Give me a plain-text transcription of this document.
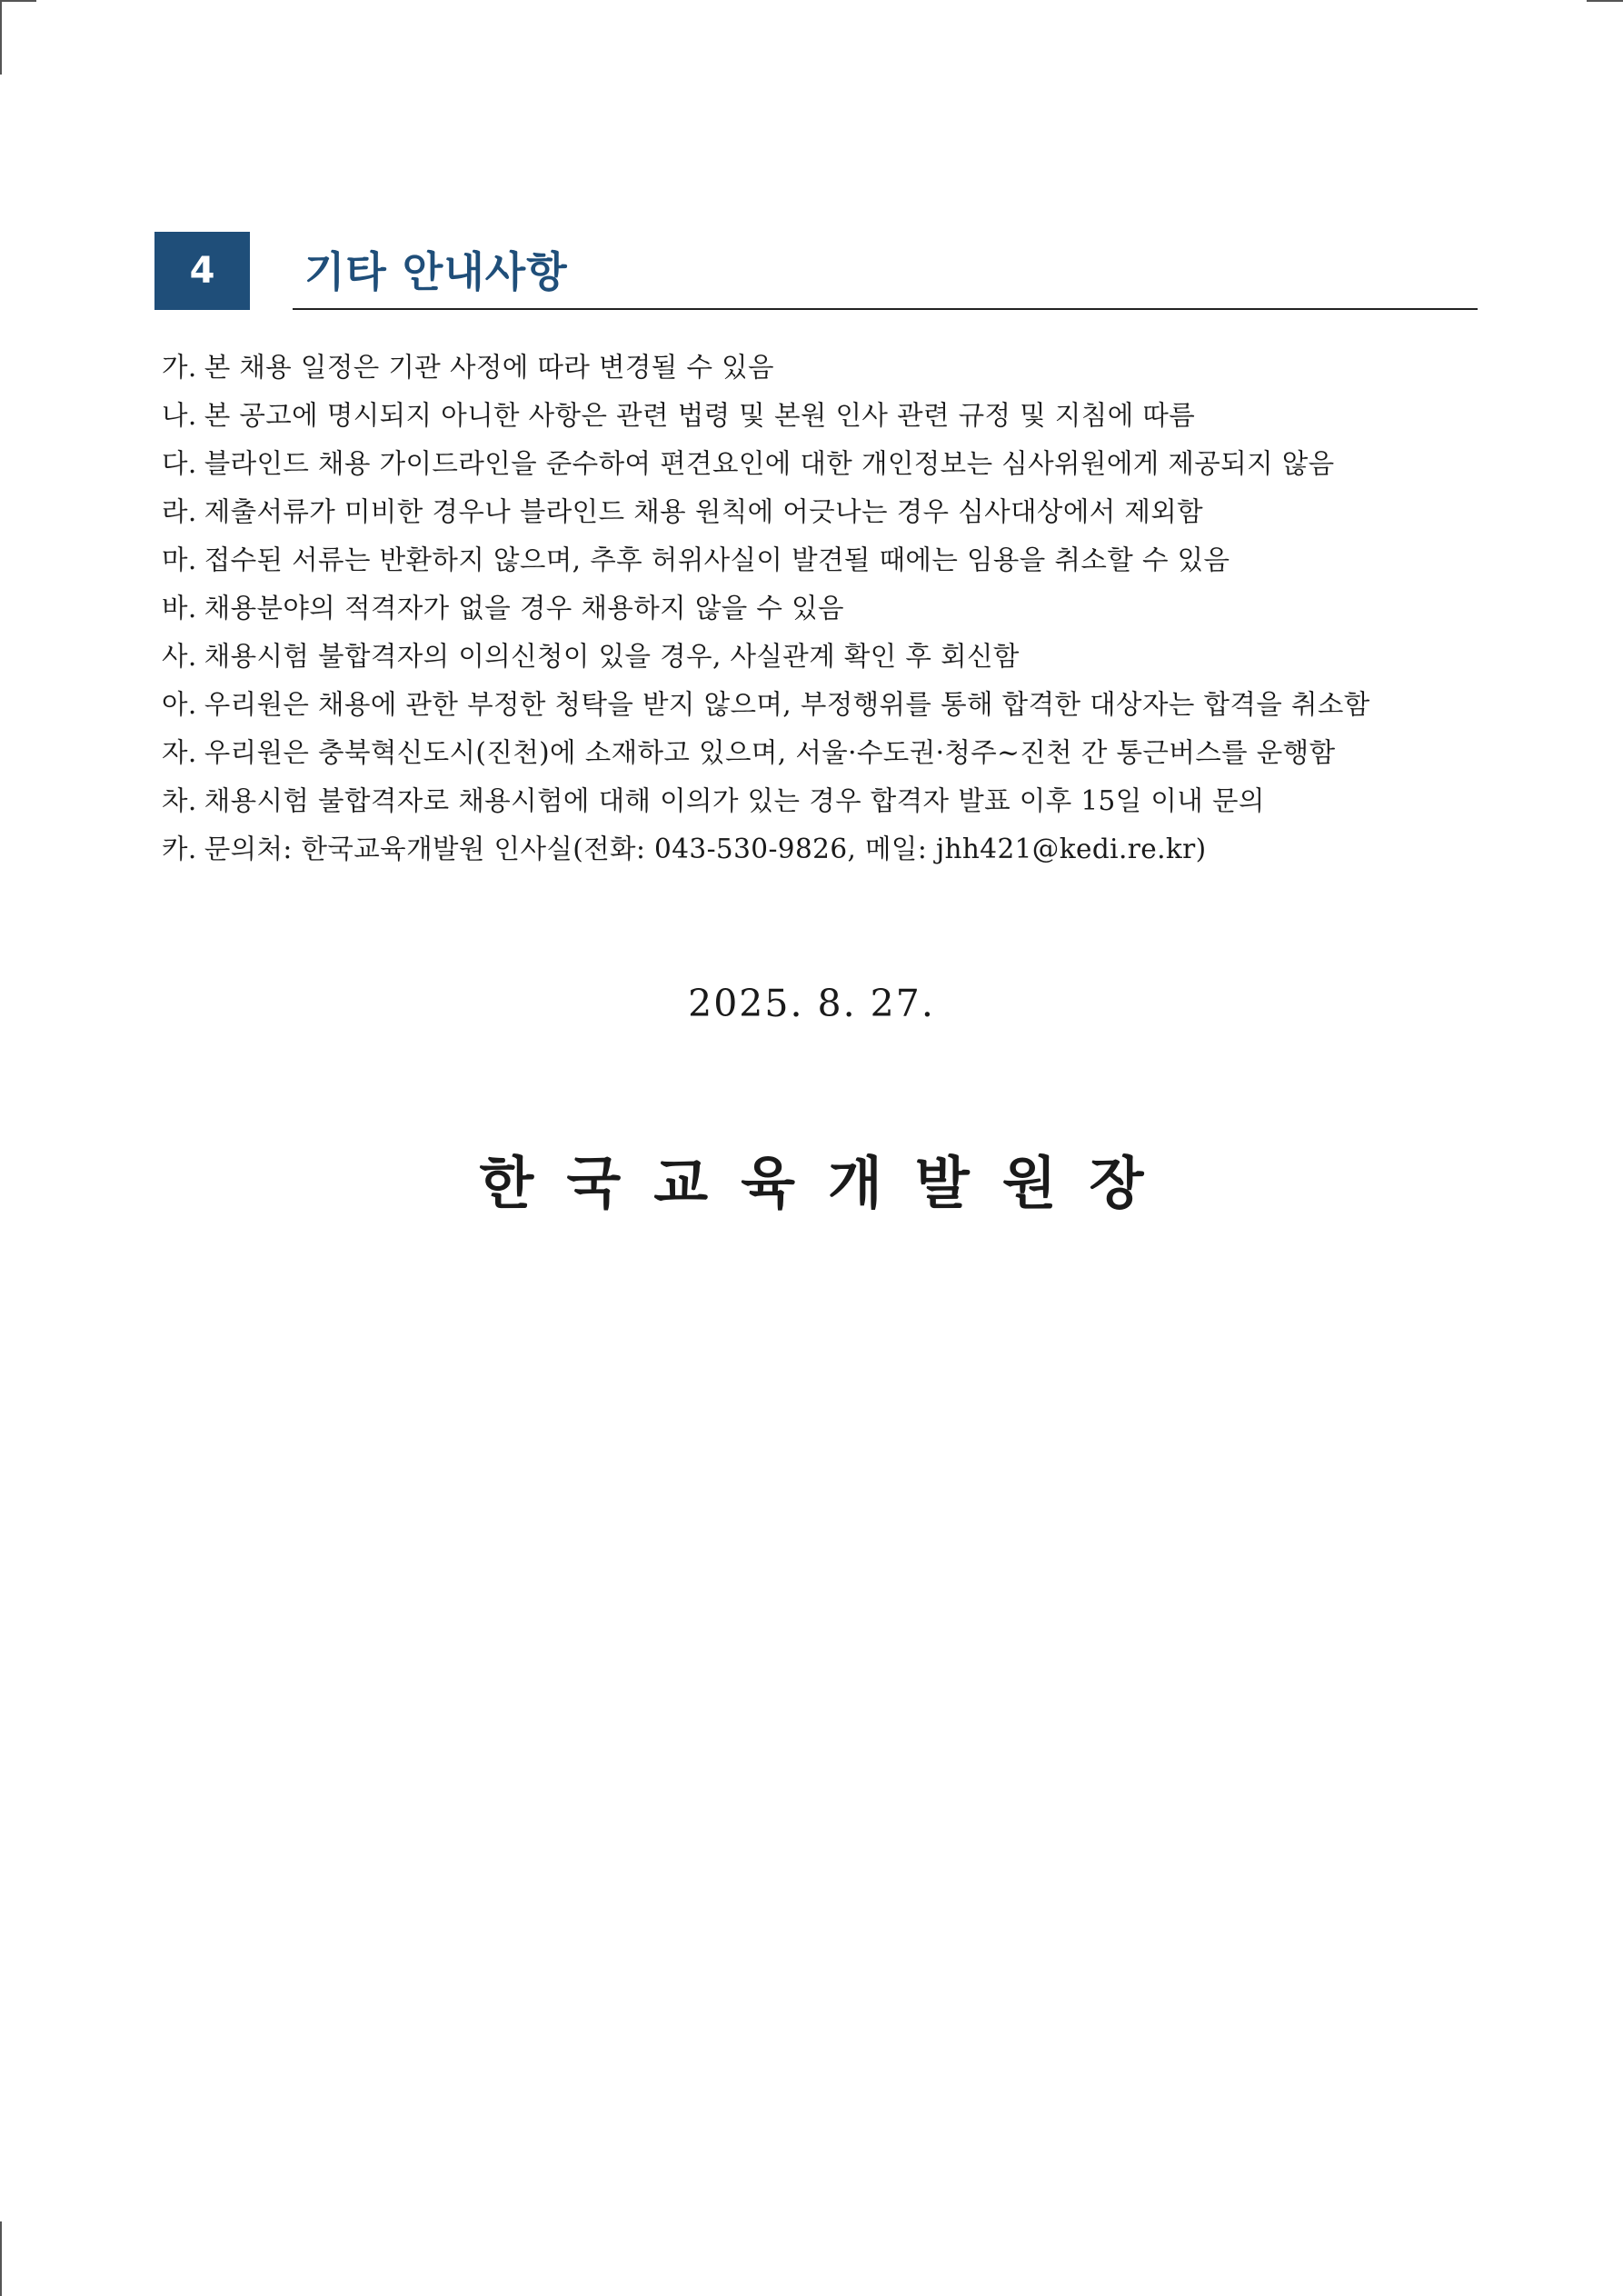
4	기타 안내사항
가. 본 채용 일정은 기관 사정에 따라 변경될 수 있음
나. 본 공고에 명시되지 아니한 사항은 관련 법령 및 본원 인사 관련 규정 및 지침에 따름
다. 블라인드 채용 가이드라인을 준수하여 편견요인에 대한 개인정보는 심사위원에게 제공되지 않음
라. 제출서류가 미비한 경우나 블라인드 채용 원칙에 어긋나는 경우 심사대상에서 제외함
마. 접수된 서류는 반환하지 않으며, 추후 허위사실이 발견될 때에는 임용을 취소할 수 있음
바. 채용분야의 적격자가 없을 경우 채용하지 않을 수 있음
사. 채용시험 불합격자의 이의신청이 있을 경우, 사실관계 확인 후 회신함
아. 우리원은 채용에 관한 부정한 청탁을 받지 않으며, 부정행위를 통해 합격한 대상자는 합격을 취소함
자. 우리원은 충북혁신도시(진천)에 소재하고 있으며, 서울·수도권·청주~진천 간 통근버스를 운행함
차. 채용시험 불합격자로 채용시험에 대해 이의가 있는 경우 합격자 발표 이후 15일 이내 문의
카. 문의처: 한국교육개발원 인사실(전화: 043-530-9826, 메일: jhh421@kedi.re.kr)
2025. 8. 27.
한국교육개발원장
